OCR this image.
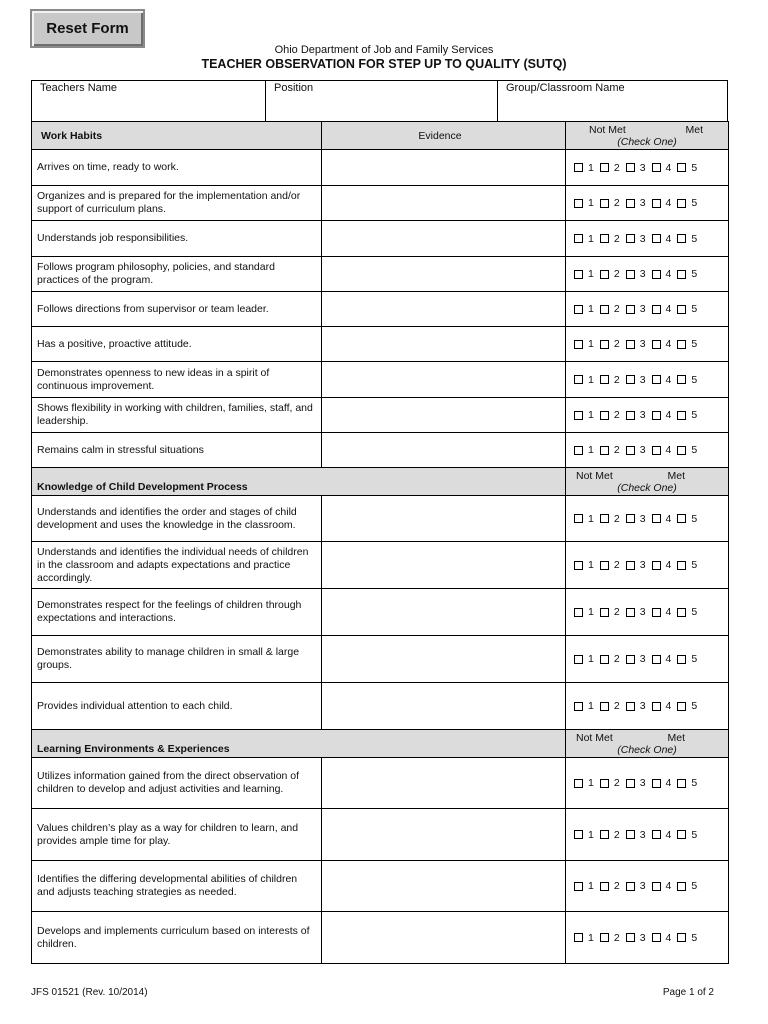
Reset Form
Ohio Department of Job and Family Services
TEACHER OBSERVATION FOR STEP UP TO QUALITY (SUTQ)
Teachers Name	Position	Group/Classroom Name
Work Habits	Evidence	Not Met Met
(Check One)

Arrives on time, ready to work.		1 2 3 4 5

Organizes and is prepared for the implementation and/or support of curriculum plans.		1 2 3 4 5

Understands job responsibilities.		1 2 3 4 5

Follows program philosophy, policies, and standard practices of the program.		1 2 3 4 5

Follows directions from supervisor or team leader.		1 2 3 4 5

Has a positive, proactive attitude.		1 2 3 4 5

Demonstrates openness to new ideas in a spirit of continuous improvement.		1 2 3 4 5

Shows flexibility in working with children, families, staff, and leadership.		1 2 3 4 5

Remains calm in stressful situations		1 2 3 4 5

Knowledge of Child Development Process		Not Met Met
(Check One)

Understands and identifies the order and stages of child development and uses the knowledge in the classroom.		1 2 3 4 5

Understands and identifies the individual needs of children in the classroom and adapts expectations and practice accordingly.		1 2 3 4 5

Demonstrates respect for the feelings of children through expectations and interactions.		1 2 3 4 5

Demonstrates ability to manage children in small & large groups.		1 2 3 4 5

Provides individual attention to each child.		1 2 3 4 5

Learning Environments & Experiences		Not Met Met
(Check One)

Utilizes information gained from the direct observation of children to develop and adjust activities and learning.		1 2 3 4 5

Values children’s play as a way for children to learn, and provides ample time for play.		1 2 3 4 5

Identifies the differing developmental abilities of children and adjusts teaching strategies as needed.		1 2 3 4 5

Develops and implements curriculum based on interests of children.		1 2 3 4 5
JFS 01521 (Rev. 10/2014)	Page 1 of 2
